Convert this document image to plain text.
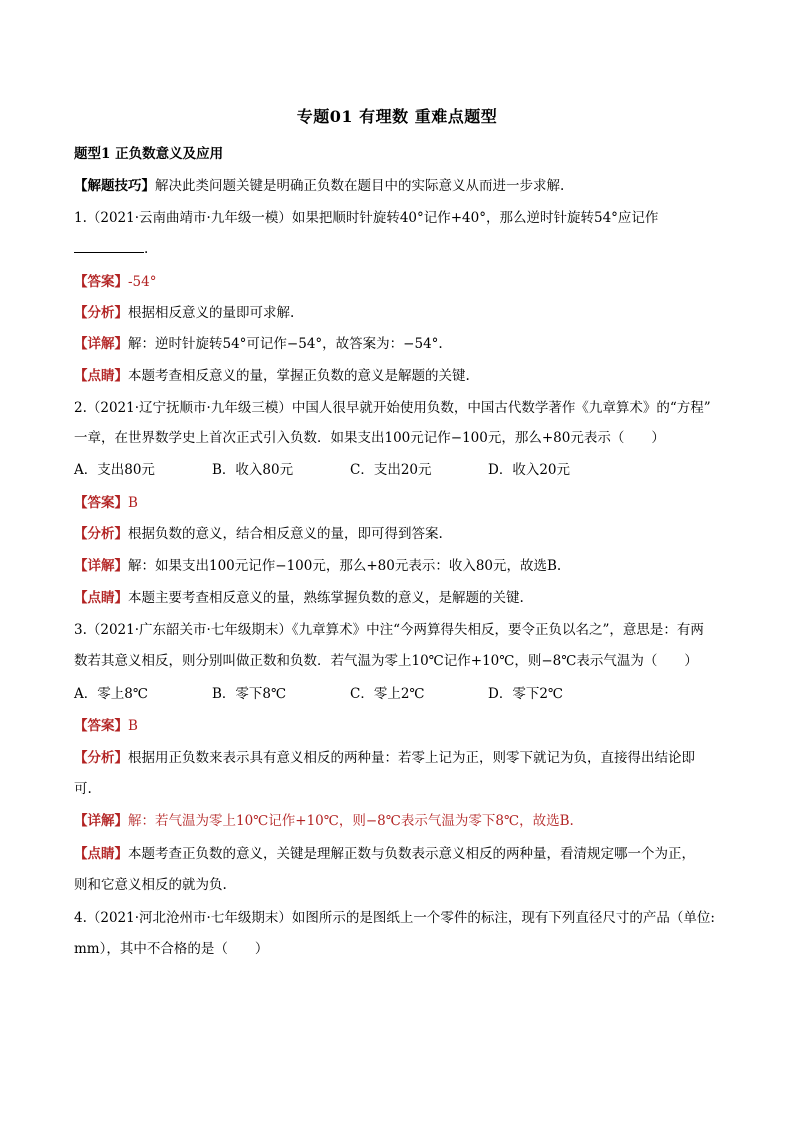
专题01 有理数 重难点题型
题型1 正负数意义及应用
【解题技巧】解决此类问题关键是明确正负数在题目中的实际意义从而进一步求解.
1.（2021·云南曲靖市·九年级一模）如果把顺时针旋转40°记作+40°，那么逆时针旋转54°应记作
.
【答案】-54°
【分析】根据相反意义的量即可求解.
【详解】解：逆时针旋转54°可记作−54°，故答案为：−54°.
【点睛】本题考查相反意义的量，掌握正负数的意义是解题的关键.
2.（2021·辽宁抚顺市·九年级三模）中国人很早就开始使用负数，中国古代数学著作《九章算术》的“方程”
一章，在世界数学史上首次正式引入负数．如果支出100元记作−100元，那么+80元表示（　　）
A．支出80元	B．收入80元	C．支出20元	D．收入20元
【答案】B
【分析】根据负数的意义，结合相反意义的量，即可得到答案.
【详解】解：如果支出100元记作−100元，那么+80元表示：收入80元，故选B.
【点睛】本题主要考查相反意义的量，熟练掌握负数的意义，是解题的关键.
3.（2021·广东韶关市·七年级期末）《九章算术》中注“今两算得失相反，要令正负以名之”，意思是：有两
数若其意义相反，则分别叫做正数和负数．若气温为零上10℃记作+10℃，则−8℃表示气温为（　　）
A．零上8℃	B．零下8℃	C．零上2℃	D．零下2℃
【答案】B
【分析】根据用正负数来表示具有意义相反的两种量：若零上记为正，则零下就记为负，直接得出结论即
可.
【详解】解：若气温为零上10℃记作+10℃，则−8℃表示气温为零下8℃，故选B.
【点睛】本题考查正负数的意义，关键是理解正数与负数表示意义相反的两种量，看清规定哪一个为正，
则和它意义相反的就为负.
4.（2021·河北沧州市·七年级期末）如图所示的是图纸上一个零件的标注，现有下列直径尺寸的产品（单位:
mm），其中不合格的是（　　）
